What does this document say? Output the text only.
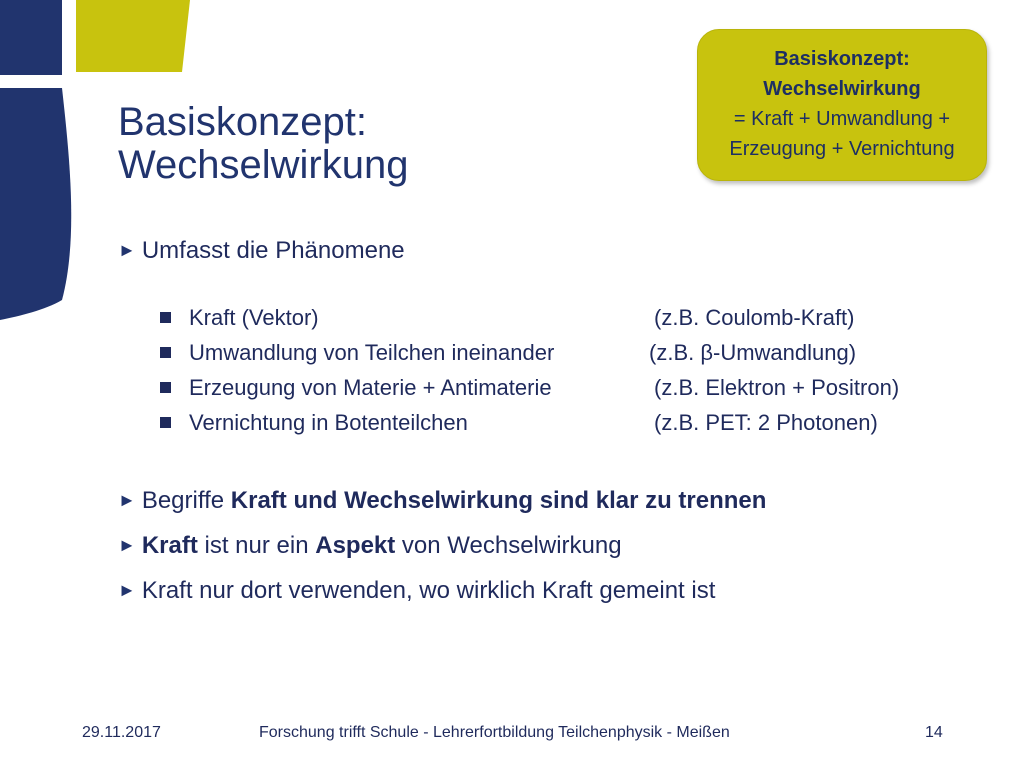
Basiskonzept:
Wechselwirkung
Basiskonzept:
Wechselwirkung
= Kraft + Umwandlung +
Erzeugung + Vernichtung
► Umfasst die Phänomene
Kraft (Vektor)	(z.B. Coulomb-Kraft)
Umwandlung von Teilchen ineinander	(z.B. β-Umwandlung)
Erzeugung von Materie + Antimaterie	(z.B. Elektron + Positron)
Vernichtung in Botenteilchen	(z.B. PET: 2 Photonen)
► Begriffe Kraft und Wechselwirkung sind klar zu trennen
► Kraft ist nur ein Aspekt von Wechselwirkung
► Kraft nur dort verwenden, wo wirklich Kraft gemeint ist
29.11.2017	Forschung trifft Schule - Lehrerfortbildung Teilchenphysik - Meißen	14
